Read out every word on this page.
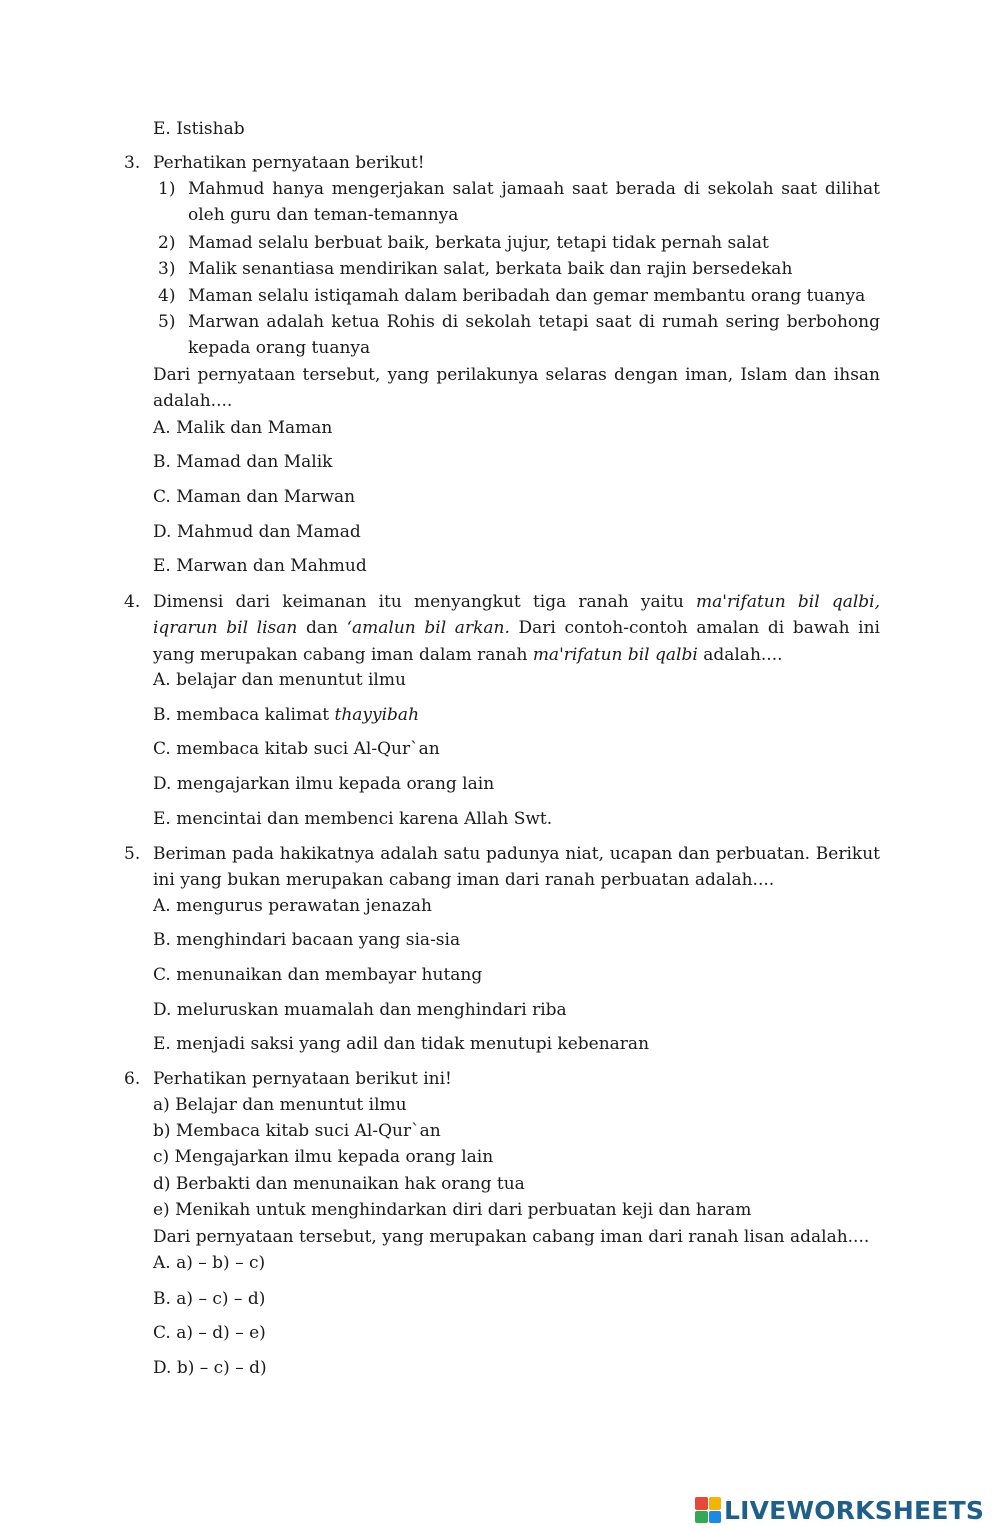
E. Istishab
3. Perhatikan pernyataan berikut!
1) Mahmud hanya mengerjakan salat jamaah saat berada di sekolah saat dilihat oleh guru dan teman-temannya
2) Mamad selalu berbuat baik, berkata jujur, tetapi tidak pernah salat
3) Malik senantiasa mendirikan salat, berkata baik dan rajin bersedekah
4) Maman selalu istiqamah dalam beribadah dan gemar membantu orang tuanya
5) Marwan adalah ketua Rohis di sekolah tetapi saat di rumah sering berbohong kepada orang tuanya
Dari pernyataan tersebut, yang perilakunya selaras dengan iman, Islam dan ihsan adalah....
A. Malik dan Maman
B. Mamad dan Malik
C. Maman dan Marwan
D. Mahmud dan Mamad
E. Marwan dan Mahmud
4. Dimensi dari keimanan itu menyangkut tiga ranah yaitu ma'rifatun bil qalbi, iqrarun bil lisan dan ‘amalun bil arkan. Dari contoh-contoh amalan di bawah ini yang merupakan cabang iman dalam ranah ma'rifatun bil qalbi adalah....
A. belajar dan menuntut ilmu
B. membaca kalimat thayyibah
C. membaca kitab suci Al-Qur`an
D. mengajarkan ilmu kepada orang lain
E. mencintai dan membenci karena Allah Swt.
5. Beriman pada hakikatnya adalah satu padunya niat, ucapan dan perbuatan. Berikut ini yang bukan merupakan cabang iman dari ranah perbuatan adalah....
A. mengurus perawatan jenazah
B. menghindari bacaan yang sia-sia
C. menunaikan dan membayar hutang
D. meluruskan muamalah dan menghindari riba
E. menjadi saksi yang adil dan tidak menutupi kebenaran
6. Perhatikan pernyataan berikut ini!
a) Belajar dan menuntut ilmu
b) Membaca kitab suci Al-Qur`an
c) Mengajarkan ilmu kepada orang lain
d) Berbakti dan menunaikan hak orang tua
e) Menikah untuk menghindarkan diri dari perbuatan keji dan haram
Dari pernyataan tersebut, yang merupakan cabang iman dari ranah lisan adalah....
A. a) – b) – c)
B. a) – c) – d)
C. a) – d) – e)
D. b) – c) – d)
LIVEWORKSHEETS
